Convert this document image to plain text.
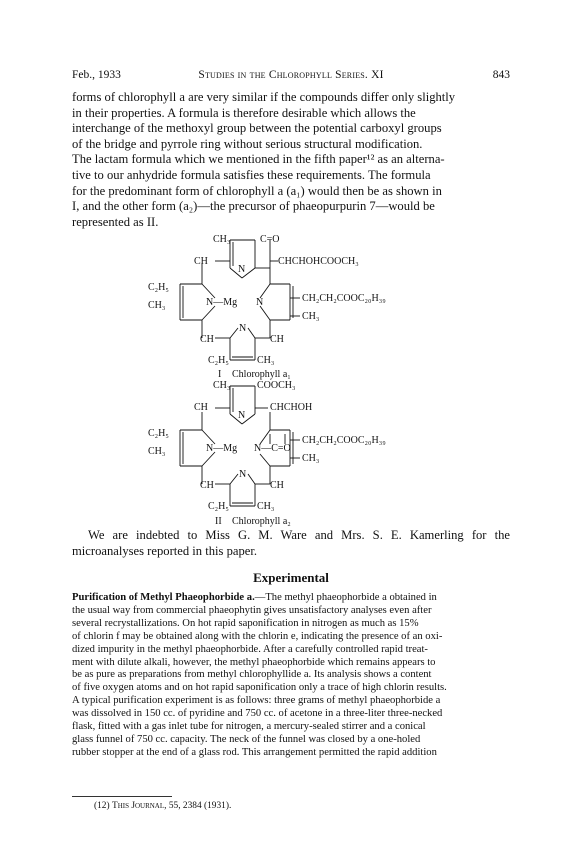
Feb., 1933	Studies in the Chlorophyll Series. XI	843
forms of chlorophyll a are very similar if the compounds differ only slightly
in their properties. A formula is therefore desirable which allows the
interchange of the methoxyl group between the potential carboxyl groups
of the bridge and pyrrole ring without serious structural modification.
The lactam formula which we mentioned in the fifth paper¹² as an alterna-
tive to our anhydride formula satisfies these requirements. The formula
for the predominant form of chlorophyll a (a₁) would then be as shown in
I, and the other form (a₂)—the precursor of phaeopurpurin 7—would be
represented as II.
CH₃	C=O
CH
N
CHCHOHCOOCH₃
C₂H₅
CH₃	N—Mg N	CH₂CH₂COOC₂₀H₃₉
CH₃
CH
N
CH
C₂H₅	CH₃
I Chlorophyll a₁
CH₃	COOCH₃
CH
N
CHCHOH
C₂H₅
CH₃	N—Mg N—C=O
CH₂CH₂COOC₂₀H₃₉
CH₃
CH
N
CH
C₂H₅	CH₃
II Chlorophyll a₂
We are indebted to Miss G. M. Ware and Mrs. S. E. Kamerling for the microanalyses reported in this paper.
Experimental
Purification of Methyl Phaeophorbide a.—The methyl phaeophorbide a obtained in
the usual way from commercial phaeophytin gives unsatisfactory analyses even after
several recrystallizations. On hot rapid saponification in nitrogen as much as 15%
of chlorin f may be obtained along with the chlorin e, indicating the presence of an oxi-
dized impurity in the methyl phaeophorbide. After a carefully controlled rapid treat-
ment with dilute alkali, however, the methyl phaeophorbide which remains appears to
be as pure as preparations from methyl chlorophyllide a. Its analysis shows a content
of five oxygen atoms and on hot rapid saponification only a trace of high chlorin results.
A typical purification experiment is as follows: three grams of methyl phaeophorbide a
was dissolved in 150 cc. of pyridine and 750 cc. of acetone in a three-liter three-necked
flask, fitted with a gas inlet tube for nitrogen, a mercury-sealed stirrer and a conical
glass funnel of 750 cc. capacity. The neck of the funnel was closed by a one-holed
rubber stopper at the end of a glass rod. This arrangement permitted the rapid addition
(12) This Journal, 55, 2384 (1931).
